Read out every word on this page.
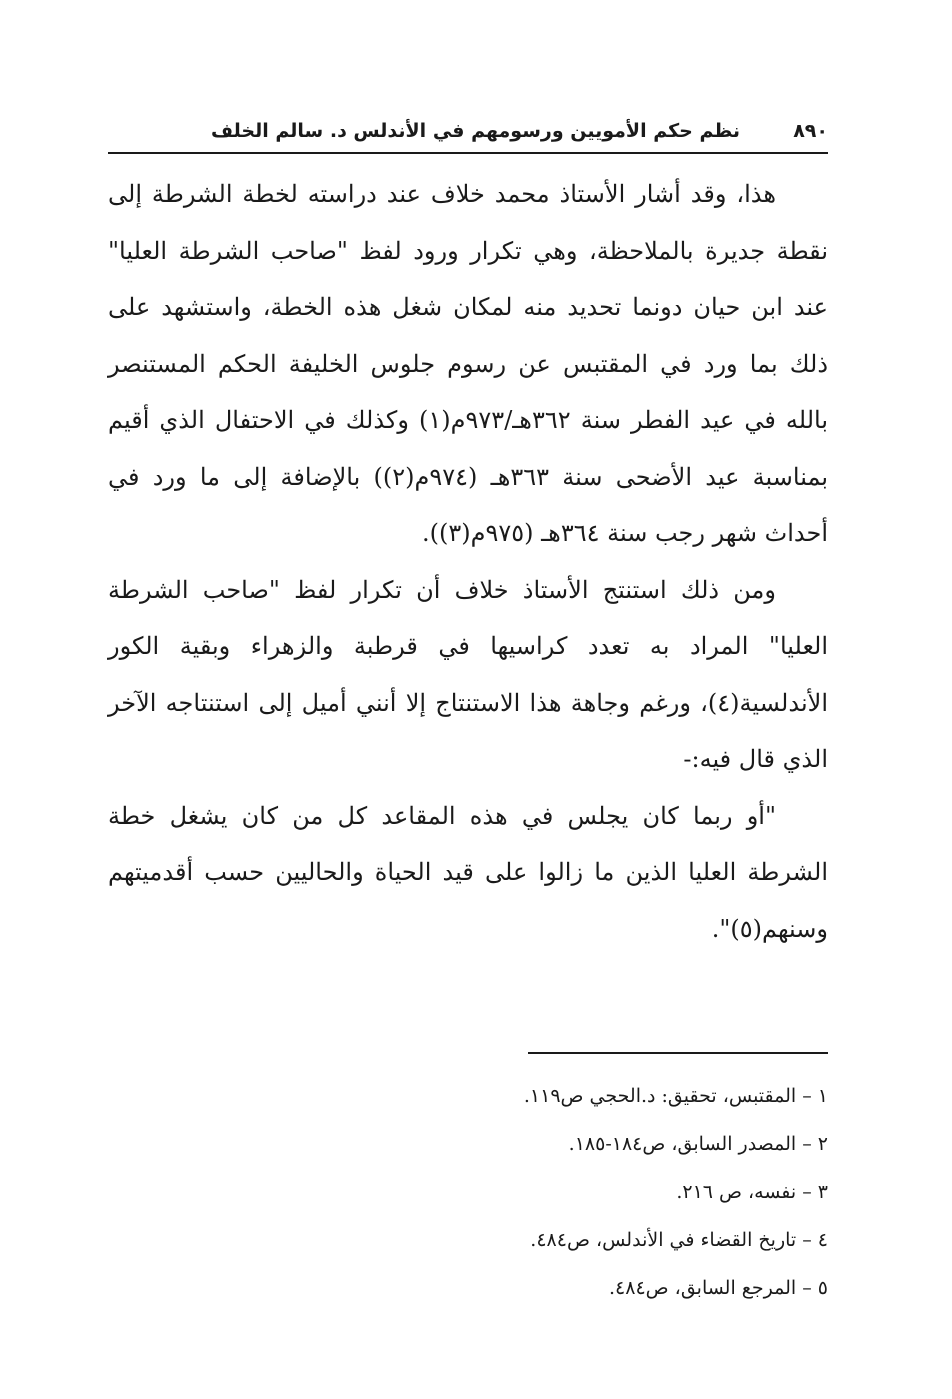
٨٩٠
نظم حكم الأمويين ورسومهم في الأندلس د. سالم الخلف

هذا، وقد أشار الأستاذ محمد خلاف عند دراسته لخطة الشرطة إلى نقطة جديرة بالملاحظة، وهي تكرار ورود لفظ "صاحب الشرطة العليا" عند ابن حيان دونما تحديد منه لمكان شغل هذه الخطة، واستشهد على ذلك بما ورد في المقتبس عن رسوم جلوس الخليفة الحكم المستنصر بالله في عيد الفطر سنة ٣٦٢هـ/٩٧٣م(١) وكذلك في الاحتفال الذي أقيم بمناسبة عيد الأضحى سنة ٣٦٣هـ (٩٧٤م(٢)) بالإضافة إلى ما ورد في أحداث شهر رجب سنة ٣٦٤هـ (٩٧٥م(٣)).

ومن ذلك استنتج الأستاذ خلاف أن تكرار لفظ "صاحب الشرطة العليا" المراد به تعدد كراسيها في قرطبة والزهراء وبقية الكور الأندلسية(٤)، ورغم وجاهة هذا الاستنتاج إلا أنني أميل إلى استنتاجه الآخر الذي قال فيه:-

"أو ربما كان يجلس في هذه المقاعد كل من كان يشغل خطة الشرطة العليا الذين ما زالوا على قيد الحياة والحاليين حسب أقدميتهم وسنهم(٥)".

١ – المقتبس، تحقيق: د.الحجي ص١١٩.
٢ – المصدر السابق، ص١٨٤-١٨٥.
٣ – نفسه، ص ٢١٦.
٤ – تاريخ القضاء في الأندلس، ص٤٨٤.
٥ – المرجع السابق، ص٤٨٤.
